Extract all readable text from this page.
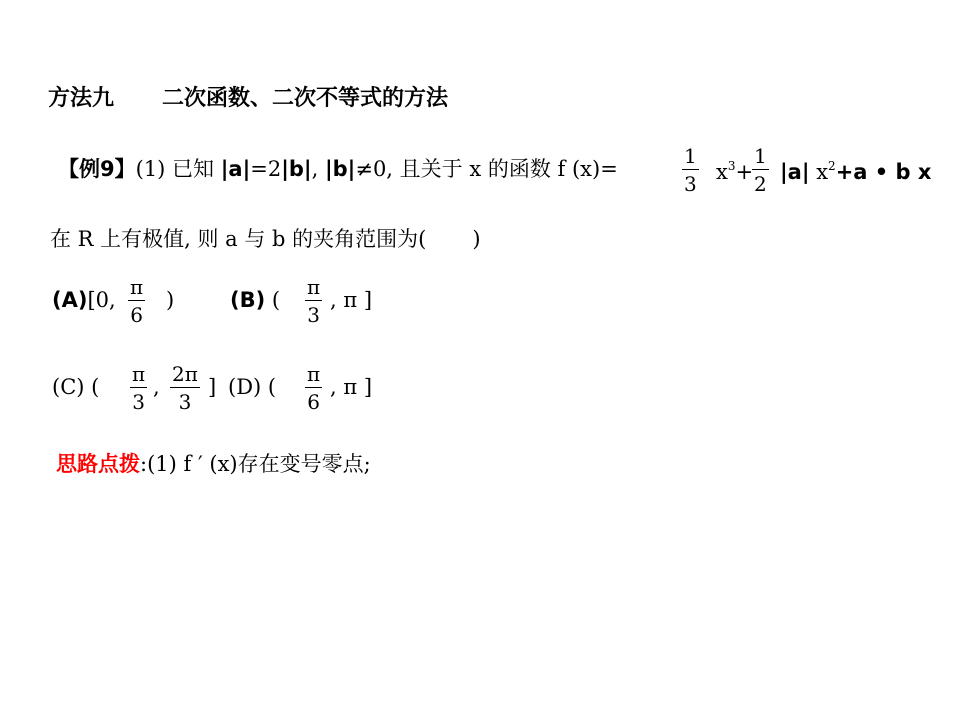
方法九 二次函数、二次不等式的方法
【例9】(1) 已知 |a|=2|b|, |b|≠0, 且关于 x 的函数 f (x)=
1
3 $x^3+$
1
2 |a| $x^2+a$ • b x
在 R 上有极值, 则 a 与 b 的夹角范围为( )
(A)[0,
π
6
)	(B) (
π
3
, π ]
(C) (
π
3
,
2π
3
] (D) (
π
6
, π ]
思路点拨:(1) f ′ (x)存在变号零点;
